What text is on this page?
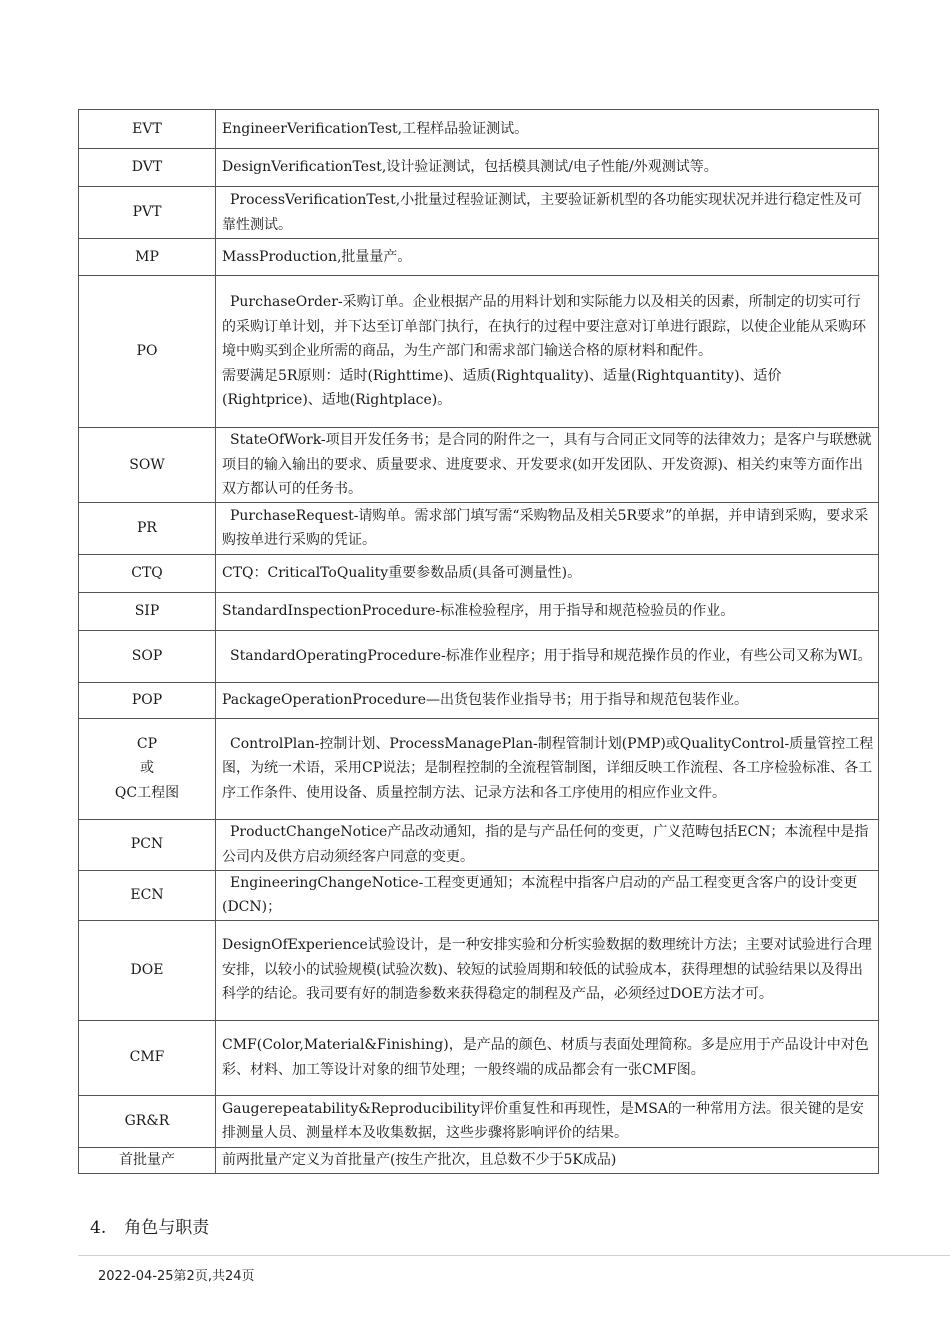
EVT	EngineerVerificationTest,工程样品验证测试。
DVT	DesignVerificationTest,设计验证测试，包括模具测试/电子性能/外观测试等。
PVT	ProcessVerificationTest,小批量过程验证测试，主要验证新机型的各功能实现状况并进行稳定性及可靠性测试。
MP	MassProduction,批量量产。
PO	PurchaseOrder-采购订单。企业根据产品的用料计划和实际能力以及相关的因素，所制定的切实可行的采购订单计划，并下达至订单部门执行，在执行的过程中要注意对订单进行跟踪，以使企业能从采购环境中购买到企业所需的商品，为生产部门和需求部门输送合格的原材料和配件。
需要满足5R原则：适时(Righttime)、适质(Rightquality)、适量(Rightquantity)、适价(Rightprice)、适地(Rightplace)。
SOW	StateOfWork-项目开发任务书；是合同的附件之一，具有与合同正文同等的法律效力；是客户与联懋就项目的输入输出的要求、质量要求、进度要求、开发要求(如开发团队、开发资源)、相关约束等方面作出双方都认可的任务书。
PR	PurchaseRequest-请购单。需求部门填写需“采购物品及相关5R要求”的单据，并申请到采购，要求采购按单进行采购的凭证。
CTQ	CTQ：CriticalToQuality重要参数品质(具备可测量性)。
SIP	StandardInspectionProcedure-标准检验程序，用于指导和规范检验员的作业。
SOP	StandardOperatingProcedure-标准作业程序；用于指导和规范操作员的作业，有些公司又称为WI。
POP	PackageOperationProcedure—出货包装作业指导书；用于指导和规范包装作业。
CP
或
QC工程图	ControlPlan-控制计划、ProcessManagePlan-制程管制计划(PMP)或QualityControl-质量管控工程图，为统一术语，采用CP说法；是制程控制的全流程管制图，详细反映工作流程、各工序检验标准、各工序工作条件、使用设备、质量控制方法、记录方法和各工序使用的相应作业文件。
PCN	ProductChangeNotice产品改动通知，指的是与产品任何的变更，广义范畴包括ECN；本流程中是指公司内及供方启动须经客户同意的变更。
ECN	EngineeringChangeNotice-工程变更通知；本流程中指客户启动的产品工程变更含客户的设计变更(DCN)；
DOE	DesignOfExperience试验设计，是一种安排实验和分析实验数据的数理统计方法；主要对试验进行合理安排，以较小的试验规模(试验次数)、较短的试验周期和较低的试验成本，获得理想的试验结果以及得出科学的结论。我司要有好的制造参数来获得稳定的制程及产品，必须经过DOE方法才可。
CMF	CMF(Color,Material&Finishing)，是产品的颜色、材质与表面处理简称。多是应用于产品设计中对色彩、材料、加工等设计对象的细节处理；一般终端的成品都会有一张CMF图。
GR&R	Gaugerepeatability&Reproducibility评价重复性和再现性，是MSA的一种常用方法。很关键的是安排测量人员、测量样本及收集数据，这些步骤将影响评价的结果。
首批量产	前两批量产定义为首批量产(按生产批次，且总数不少于5K成品)
4. 角色与职责
2022-04-25第2页,共24页
